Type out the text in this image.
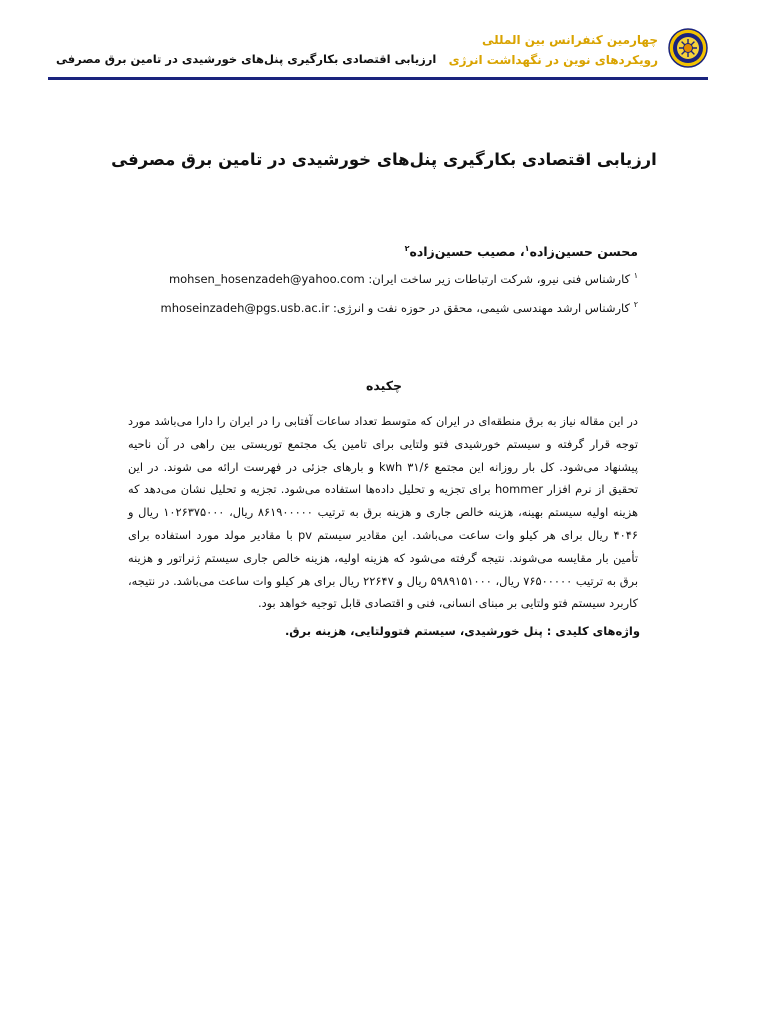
چهارمین کنفرانس بین المللی
رویکردهای نوین در نگهداشت انرژی
ارزیابی اقتصادی بکارگیری پنل‌های خورشیدی در تامین برق مصرفی
ارزیابی اقتصادی بکارگیری پنل‌های خورشیدی در تامین برق مصرفی

محسن حسین‌زاده$^۱$، مصیب حسین‌زاده$^۲$

$^۱$ کارشناس فنی نیرو، شرکت ارتباطات زیر ساخت ایران: mohsen_hosenzadeh@yahoo.com

$^۲$ کارشناس ارشد مهندسی شیمی، محقق در حوزه نفت و انرژی: mhoseinzadeh@pgs.usb.ac.ir

چکیده

در این مقاله نیاز به برق منطقه‌ای در ایران که متوسط تعداد ساعات آفتابی را در ایران را دارا می‌باشد مورد توجه قرار گرفته و سیستم خورشیدی فتو ولتایی برای تامین یک مجتمع توریستی بین راهی در آن ناحیه پیشنهاد می‌شود. کل بار روزانه این مجتمع ۳۱/۶ kwh و بارهای جزئی در فهرست ارائه می شوند. در این تحقیق از نرم افزار hommer برای تجزیه و تحلیل داده‌ها استفاده می‌شود. تجزیه و تحلیل نشان می‌دهد که هزینه اولیه سیستم بهینه، هزینه خالص جاری و هزینه برق به ترتیب ۸۶۱۹۰۰۰۰۰ ریال، ۱۰۲۶۳۷۵۰۰۰ ریال و ۴۰۴۶ ریال برای هر کیلو وات ساعت می‌باشد. این مقادیر سیستم pv با مقادیر مولد مورد استفاده برای تأمین بار مقایسه می‌شوند. نتیجه گرفته می‌شود که هزینه اولیه، هزینه خالص جاری سیستم ژنراتور و هزینه برق به ترتیب ۷۶۵۰۰۰۰۰ ریال، ۵۹۸۹۱۵۱۰۰۰ ریال و ۲۲۶۴۷ ریال برای هر کیلو وات ساعت می‌باشد. در نتیجه، کاربرد سیستم فتو ولتایی بر مبنای انسانی، فنی و اقتصادی قابل توجیه خواهد بود.

واژه‌های کلیدی : پنل خورشیدی، سیستم فتوولتایی، هزینه برق.
